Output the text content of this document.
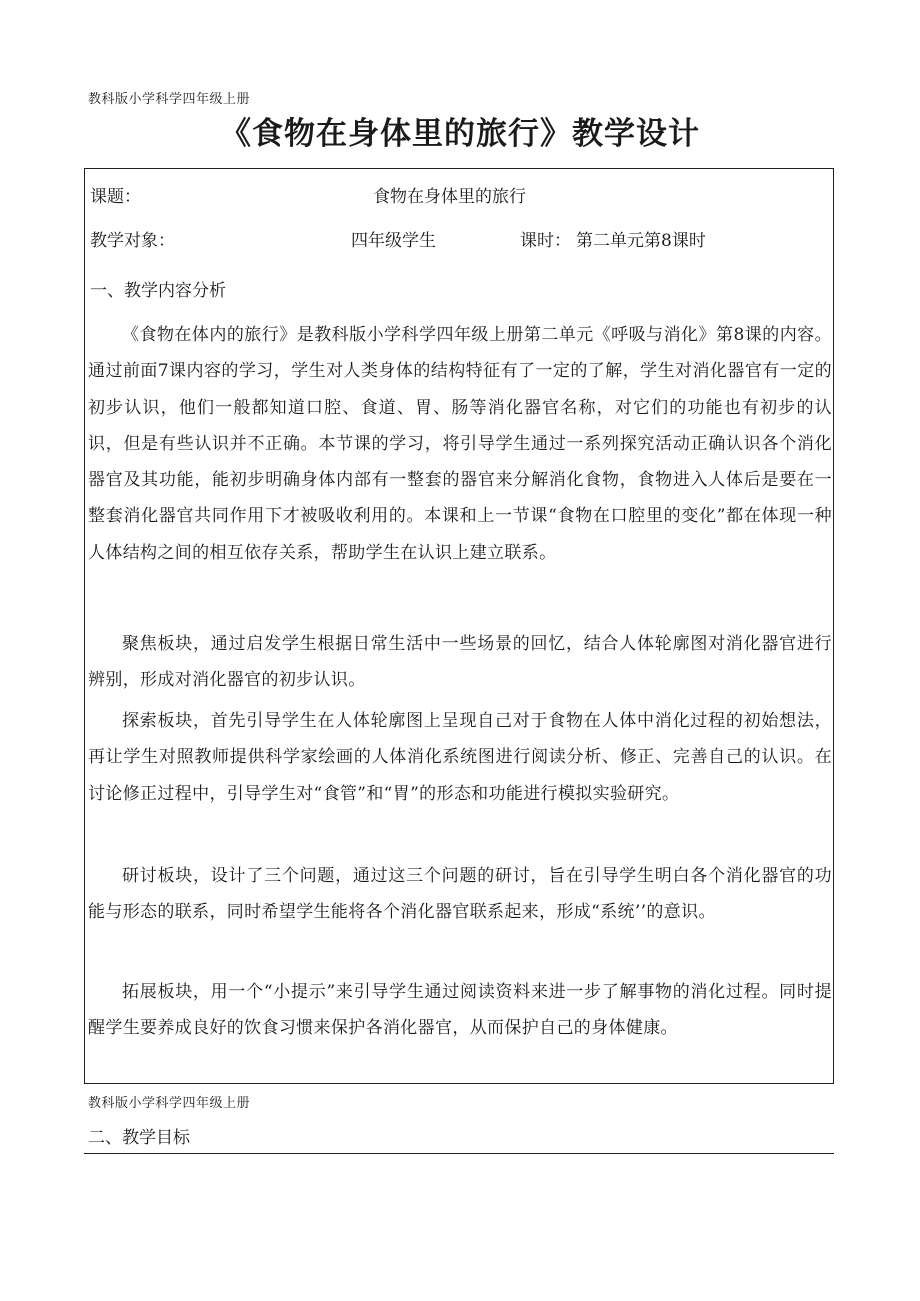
教科版小学科学四年级上册
《食物在身体里的旅行》教学设计
课题：	食物在身体里的旅行
教学对象：	四年级学生	课时： 第二单元第8课时
一、教学内容分析
《食物在体内的旅行》是教科版小学科学四年级上册第二单元《呼吸与消化》第8课的内容。通过前面7课内容的学习，学生对人类身体的结构特征有了一定的了解，学生对消化器官有一定的初步认识，他们一般都知道口腔、食道、胃、肠等消化器官名称，对它们的功能也有初步的认识，但是有些认识并不正确。本节课的学习，将引导学生通过一系列探究活动正确认识各个消化器官及其功能，能初步明确身体内部有一整套的器官来分解消化食物，食物进入人体后是要在一整套消化器官共同作用下才被吸收利用的。本课和上一节课“食物在口腔里的变化”都在体现一种人体结构之间的相互依存关系，帮助学生在认识上建立联系。
聚焦板块，通过启发学生根据日常生活中一些场景的回忆，结合人体轮廓图对消化器官进行辨别，形成对消化器官的初步认识。
探索板块，首先引导学生在人体轮廓图上呈现自己对于食物在人体中消化过程的初始想法，再让学生对照教师提供科学家绘画的人体消化系统图进行阅读分析、修正、完善自己的认识。在讨论修正过程中，引导学生对“食管”和“胃”的形态和功能进行模拟实验研究。
研讨板块，设计了三个问题，通过这三个问题的研讨，旨在引导学生明白各个消化器官的功能与形态的联系，同时希望学生能将各个消化器官联系起来，形成“系统’’的意识。
拓展板块，用一个“小提示”来引导学生通过阅读资料来进一步了解事物的消化过程。同时提醒学生要养成良好的饮食习惯来保护各消化器官，从而保护自己的身体健康。
教科版小学科学四年级上册
二、教学目标
